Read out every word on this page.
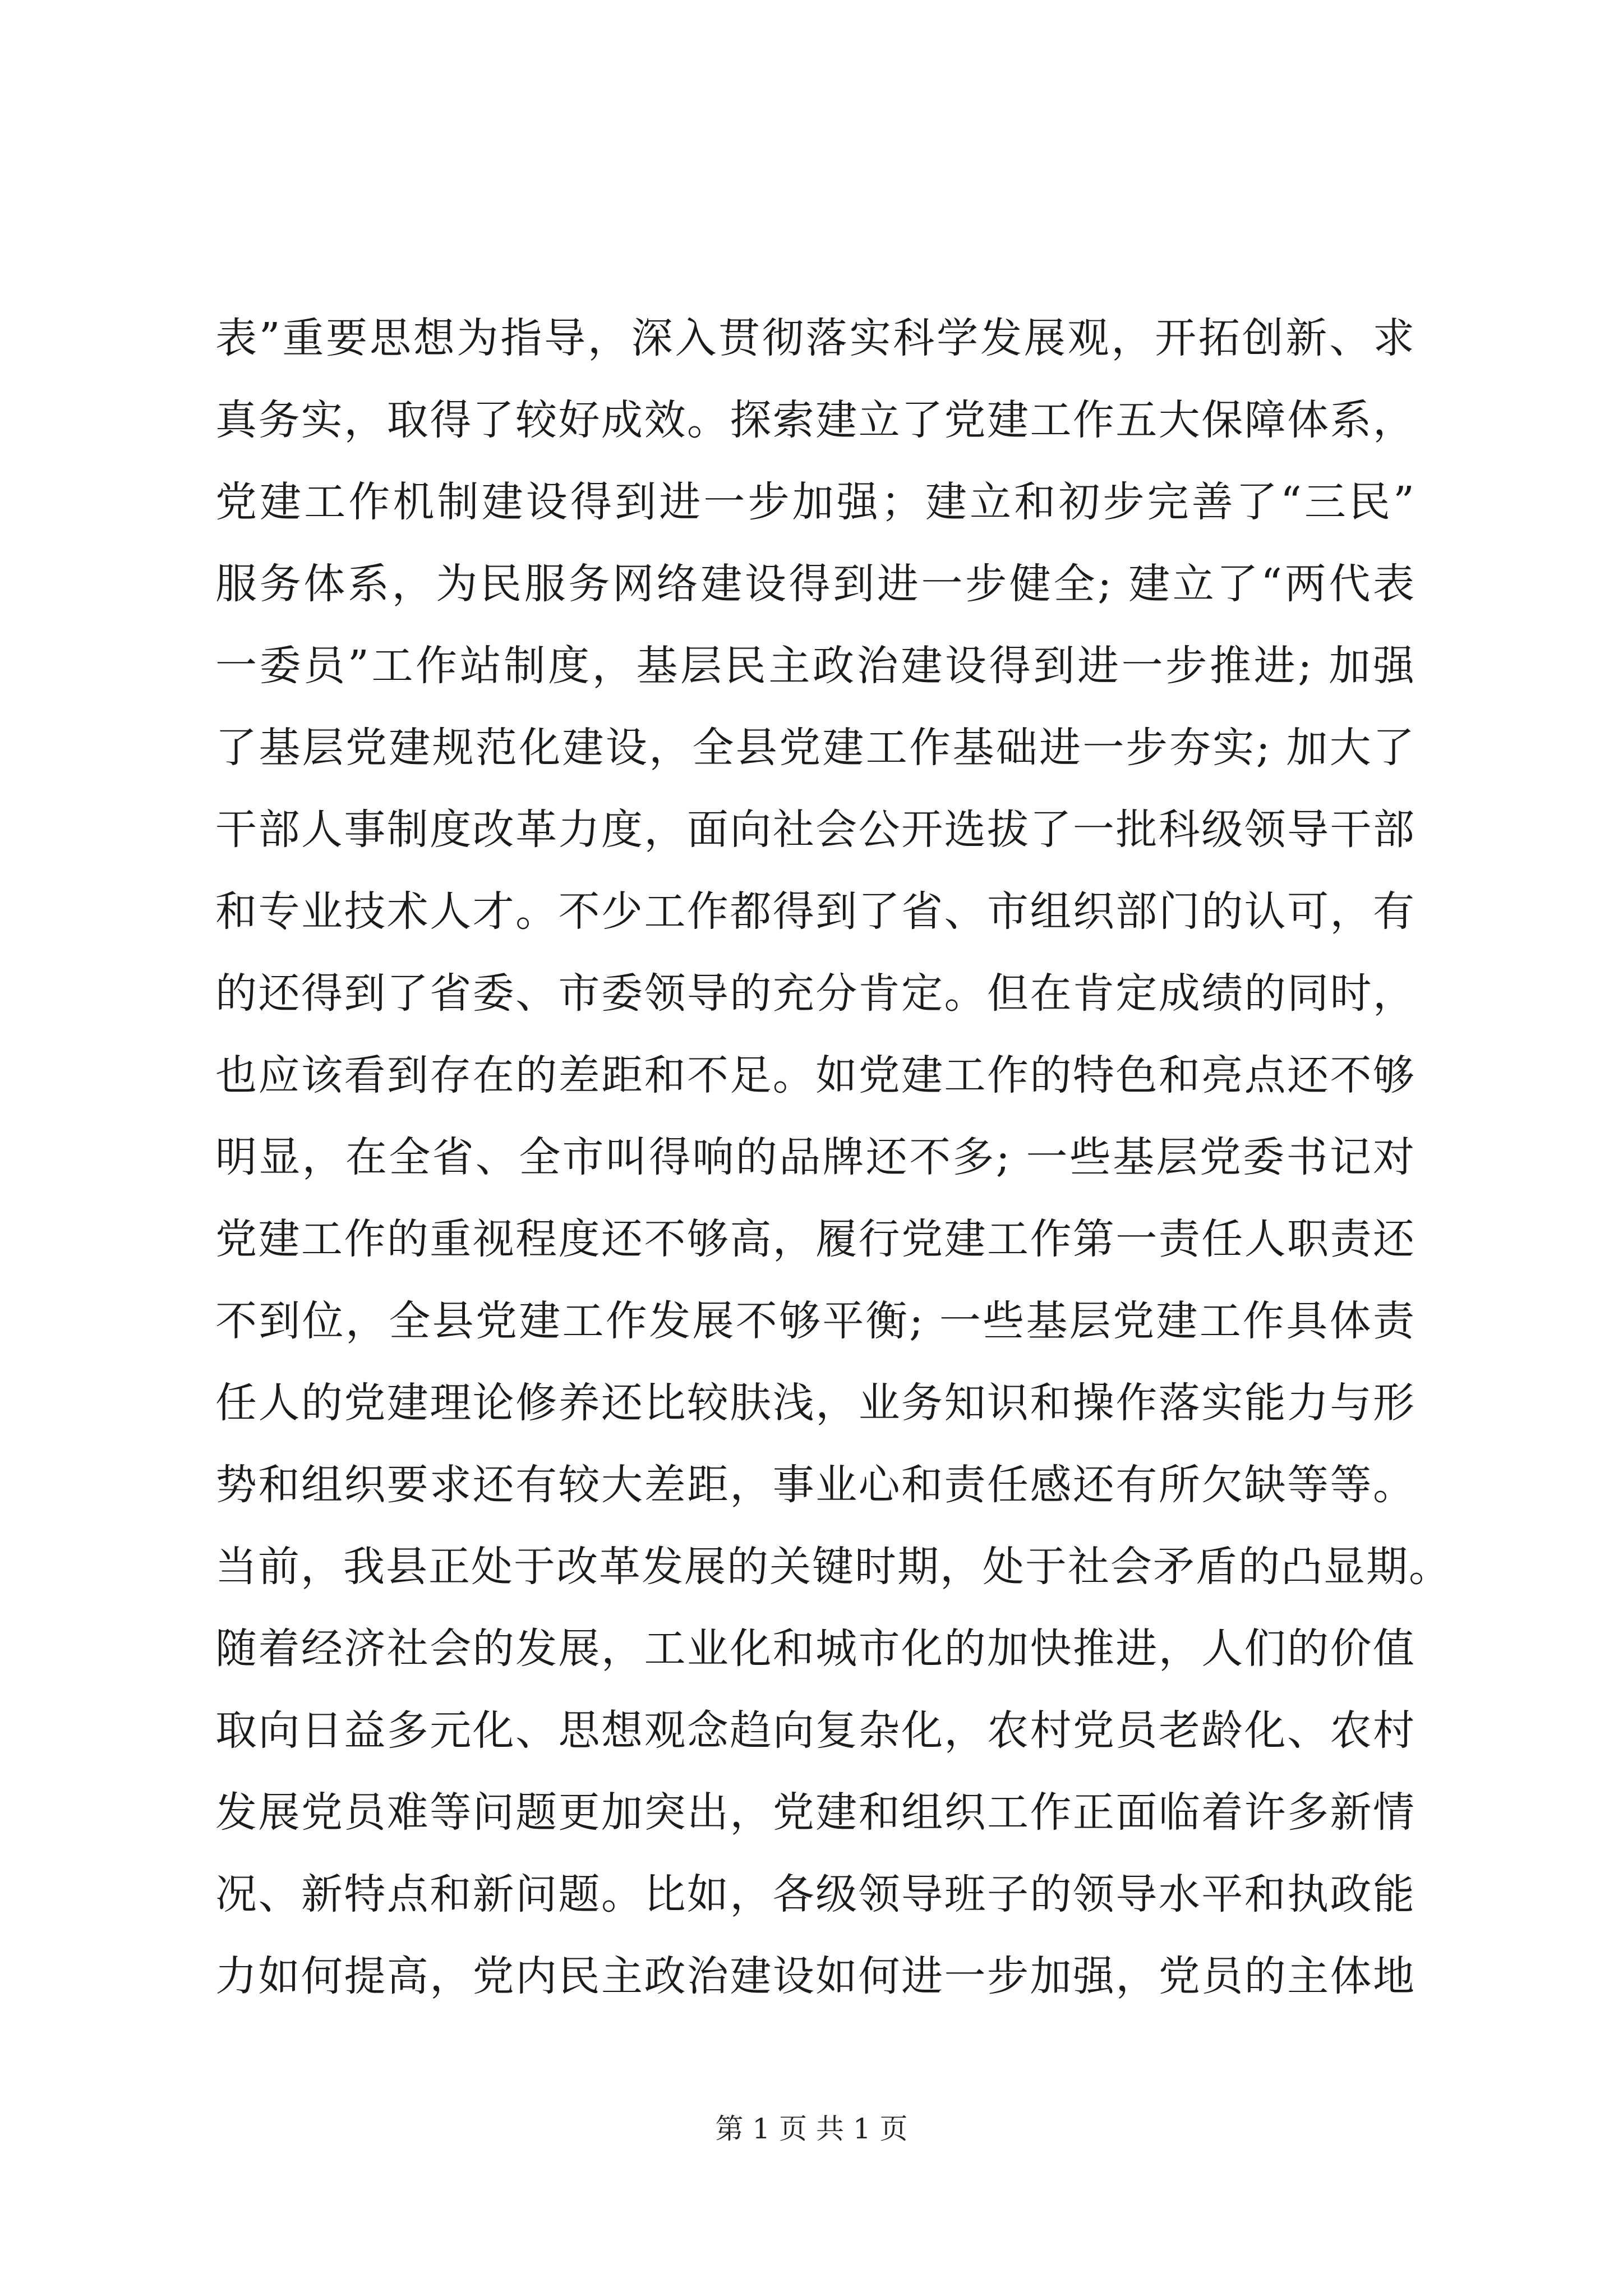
表”重要思想为指导，深入贯彻落实科学发展观，开拓创新、求
真务实，取得了较好成效。探索建立了党建工作五大保障体系，
党建工作机制建设得到进一步加强；建立和初步完善了“三民”
服务体系，为民服务网络建设得到进一步健全; 建立了“两代表
一委员”工作站制度，基层民主政治建设得到进一步推进; 加强
了基层党建规范化建设，全县党建工作基础进一步夯实; 加大了
干部人事制度改革力度，面向社会公开选拔了一批科级领导干部
和专业技术人才。不少工作都得到了省、市组织部门的认可，有
的还得到了省委、市委领导的充分肯定。但在肯定成绩的同时，
也应该看到存在的差距和不足。如党建工作的特色和亮点还不够
明显，在全省、全市叫得响的品牌还不多; 一些基层党委书记对
党建工作的重视程度还不够高，履行党建工作第一责任人职责还
不到位，全县党建工作发展不够平衡; 一些基层党建工作具体责
任人的党建理论修养还比较肤浅，业务知识和操作落实能力与形
势和组织要求还有较大差距，事业心和责任感还有所欠缺等等。
当前，我县正处于改革发展的关键时期，处于社会矛盾的凸显期。
随着经济社会的发展，工业化和城市化的加快推进，人们的价值
取向日益多元化、思想观念趋向复杂化，农村党员老龄化、农村
发展党员难等问题更加突出，党建和组织工作正面临着许多新情
况、新特点和新问题。比如，各级领导班子的领导水平和执政能
力如何提高，党内民主政治建设如何进一步加强，党员的主体地
第 1 页 共 1 页
